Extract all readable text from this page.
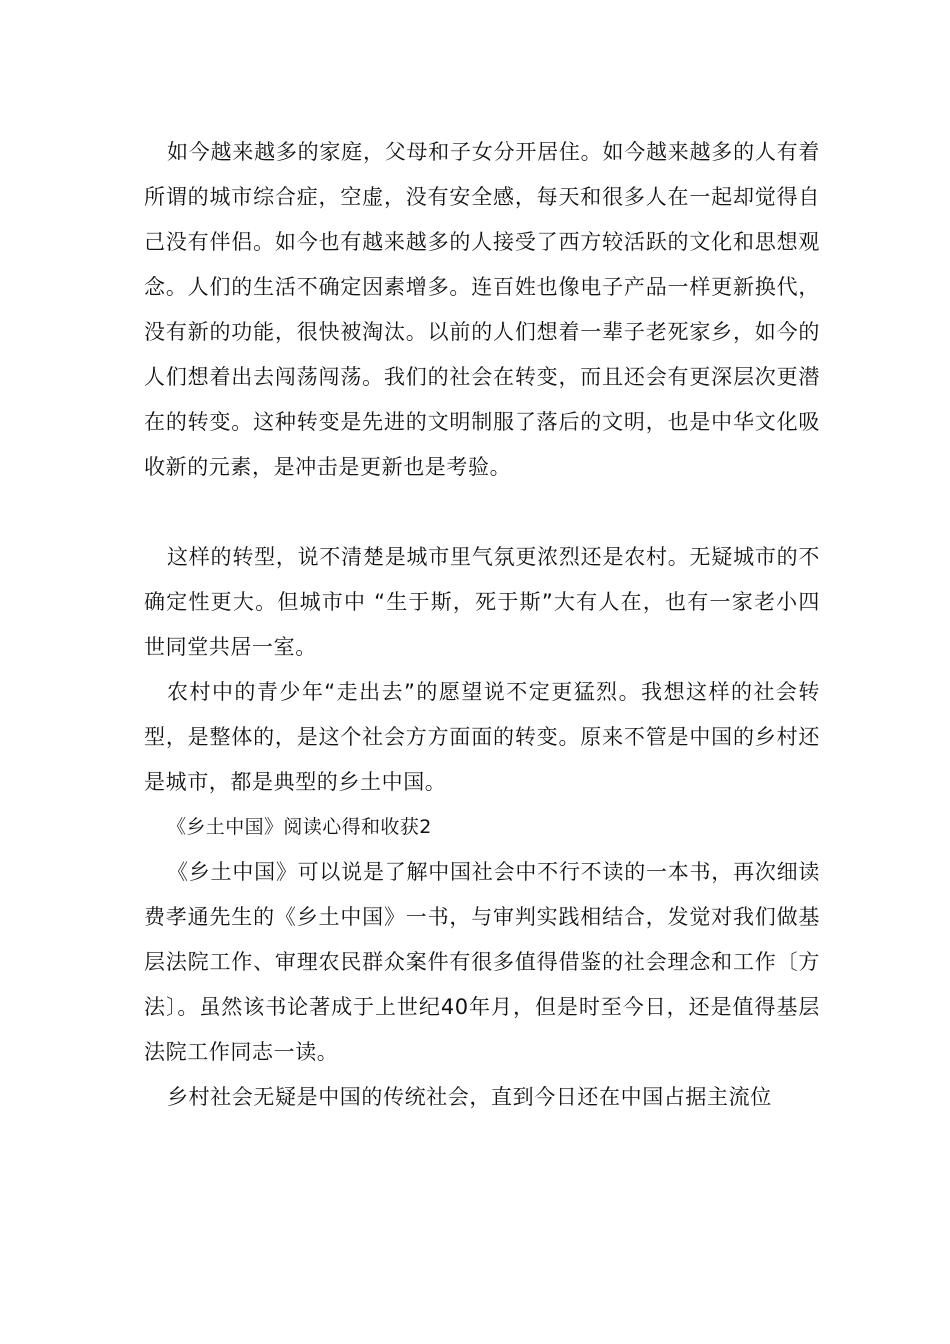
如今越来越多的家庭，父母和子女分开居住。如今越来越多的人有着所谓的城市综合症，空虚，没有安全感，每天和很多人在一起却觉得自己没有伴侣。如今也有越来越多的人接受了西方较活跃的文化和思想观念。人们的生活不确定因素增多。连百姓也像电子产品一样更新换代，没有新的功能，很快被淘汰。以前的人们想着一辈子老死家乡，如今的人们想着出去闯荡闯荡。我们的社会在转变，而且还会有更深层次更潜在的转变。这种转变是先进的文明制服了落后的文明，也是中华文化吸收新的元素，是冲击是更新也是考验。

这样的转型，说不清楚是城市里气氛更浓烈还是农村。无疑城市的不确定性更大。但城市中 “生于斯，死于斯”大有人在，也有一家老小四世同堂共居一室。

农村中的青少年“走出去”的愿望说不定更猛烈。我想这样的社会转型，是整体的，是这个社会方方面面的转变。原来不管是中国的乡村还是城市，都是典型的乡土中国。

《乡土中国》阅读心得和收获2

《乡土中国》可以说是了解中国社会中不行不读的一本书，再次细读费孝通先生的《乡土中国》一书，与审判实践相结合，发觉对我们做基层法院工作、审理农民群众案件有很多值得借鉴的社会理念和工作〔方法〕。虽然该书论著成于上世纪40年月，但是时至今日，还是值得基层法院工作同志一读。

乡村社会无疑是中国的传统社会，直到今日还在中国占据主流位
